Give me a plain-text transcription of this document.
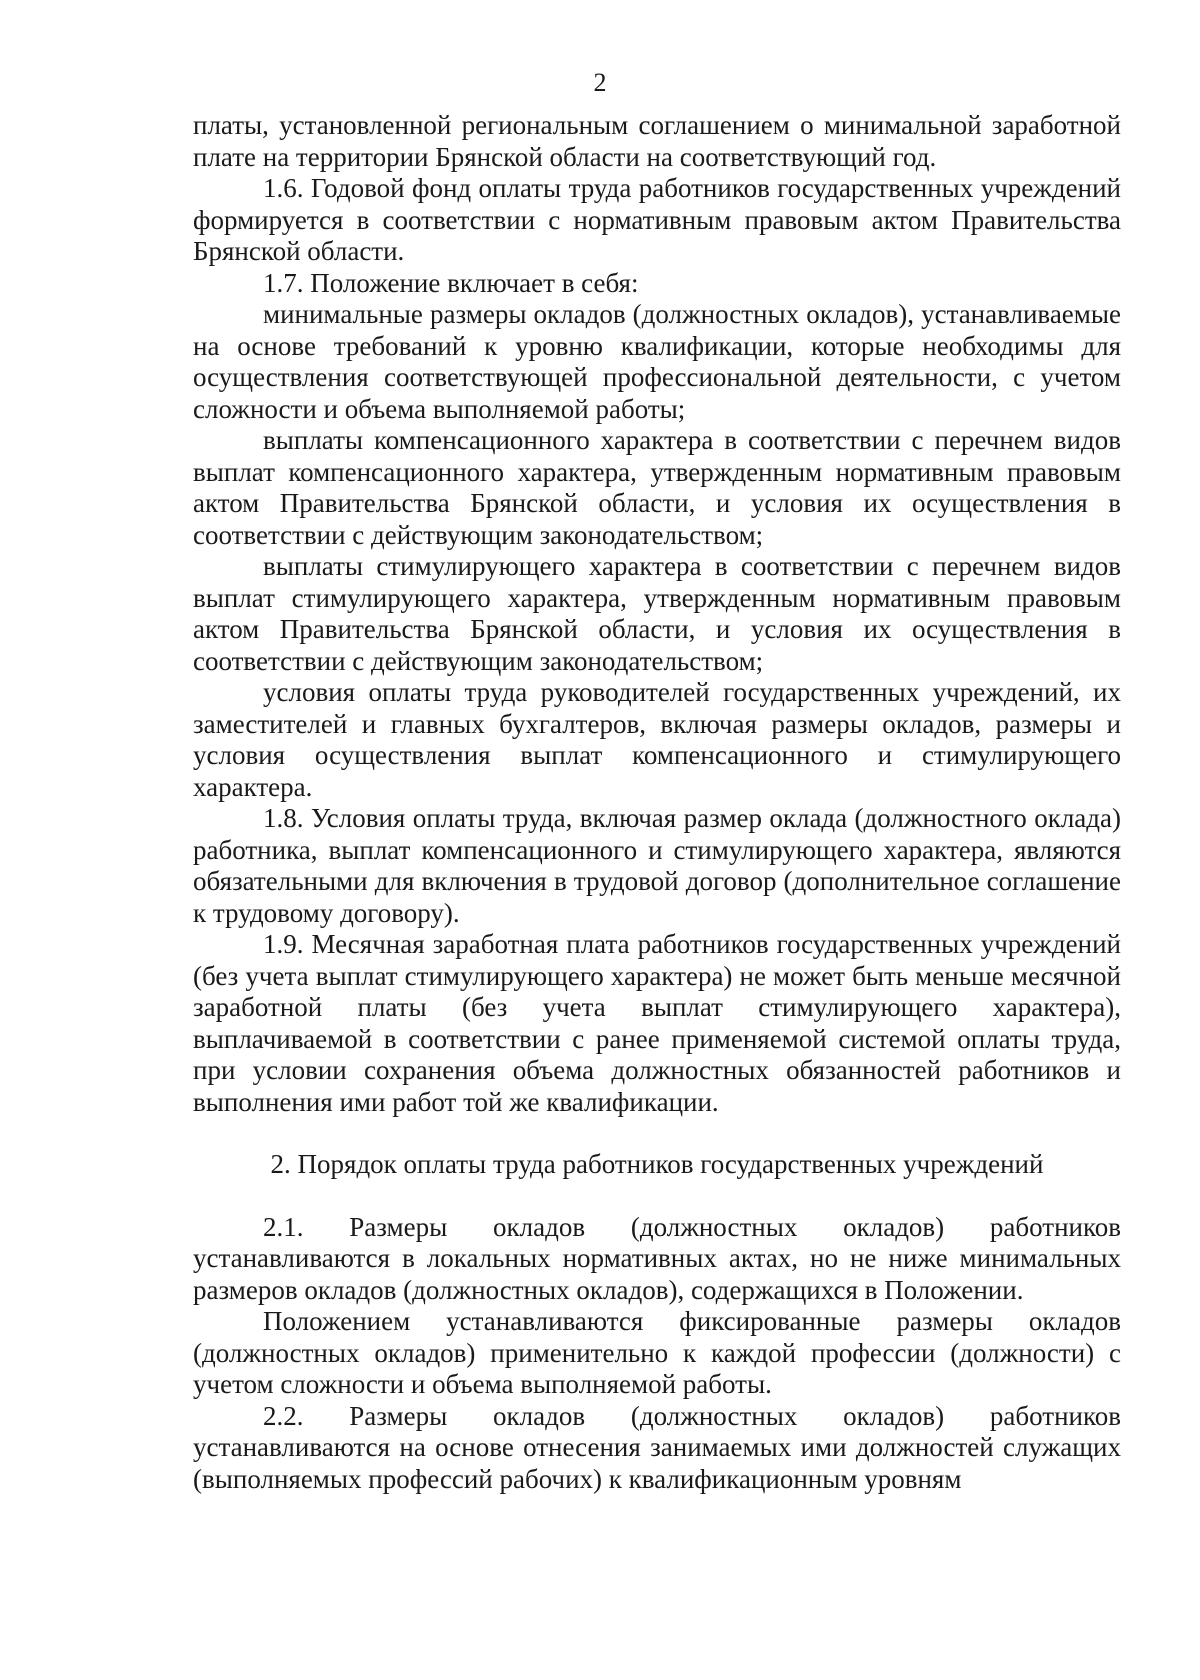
2

платы, установленной региональным соглашением о минимальной заработной плате на территории Брянской области на соответствующий год.

1.6. Годовой фонд оплаты труда работников государственных учреждений формируется в соответствии с нормативным правовым актом Правительства Брянской области.

1.7. Положение включает в себя:

минимальные размеры окладов (должностных окладов), устанавливаемые на основе требований к уровню квалификации, которые необходимы для осуществления соответствующей профессиональной деятельности, с учетом сложности и объема выполняемой работы;

выплаты компенсационного характера в соответствии с перечнем видов выплат компенсационного характера, утвержденным нормативным правовым актом Правительства Брянской области, и условия их осуществления в соответствии с действующим законодательством;

выплаты стимулирующего характера в соответствии с перечнем видов выплат стимулирующего характера, утвержденным нормативным правовым актом Правительства Брянской области, и условия их осуществления в соответствии с действующим законодательством;

условия оплаты труда руководителей государственных учреждений, их заместителей и главных бухгалтеров, включая размеры окладов, размеры и условия осуществления выплат компенсационного и стимулирующего характера.

1.8. Условия оплаты труда, включая размер оклада (должностного оклада) работника, выплат компенсационного и стимулирующего характера, являются обязательными для включения в трудовой договор (дополнительное соглашение к трудовому договору).

1.9. Месячная заработная плата работников государственных учреждений (без учета выплат стимулирующего характера) не может быть меньше месячной заработной платы (без учета выплат стимулирующего характера), выплачиваемой в соответствии с ранее применяемой системой оплаты труда, при условии сохранения объема должностных обязанностей работников и выполнения ими работ той же квалификации.

2. Порядок оплаты труда работников государственных учреждений

2.1. Размеры окладов (должностных окладов) работников устанавливаются в локальных нормативных актах, но не ниже минимальных размеров окладов (должностных окладов), содержащихся в Положении.

Положением устанавливаются фиксированные размеры окладов (должностных окладов) применительно к каждой профессии (должности) с учетом сложности и объема выполняемой работы.

2.2. Размеры окладов (должностных окладов) работников устанавливаются на основе отнесения занимаемых ими должностей служащих (выполняемых профессий рабочих) к квалификационным уровням
